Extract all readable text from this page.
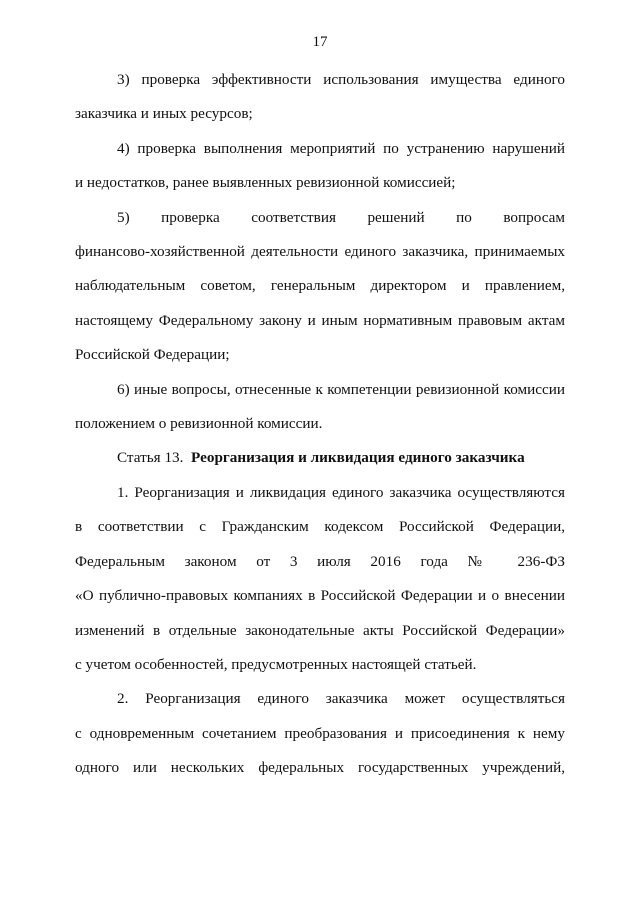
17
3) проверка эффективности использования имущества единого
заказчика и иных ресурсов;
4) проверка выполнения мероприятий по устранению нарушений
и недостатков, ранее выявленных ревизионной комиссией;
5) проверка соответствия решений по вопросам
финансово-хозяйственной деятельности единого заказчика, принимаемых
наблюдательным советом, генеральным директором и правлением,
настоящему Федеральному закону и иным нормативным правовым актам
Российской Федерации;
6) иные вопросы, отнесенные к компетенции ревизионной комиссии
положением о ревизионной комиссии.
Статья 13. Реорганизация и ликвидация единого заказчика
1. Реорганизация и ликвидация единого заказчика осуществляются
в соответствии с Гражданским кодексом Российской Федерации,
Федеральным законом от 3 июля 2016 года № 236-ФЗ
«О публично-правовых компаниях в Российской Федерации и о внесении
изменений в отдельные законодательные акты Российской Федерации»
с учетом особенностей, предусмотренных настоящей статьей.
2. Реорганизация единого заказчика может осуществляться
с одновременным сочетанием преобразования и присоединения к нему
одного или нескольких федеральных государственных учреждений,
